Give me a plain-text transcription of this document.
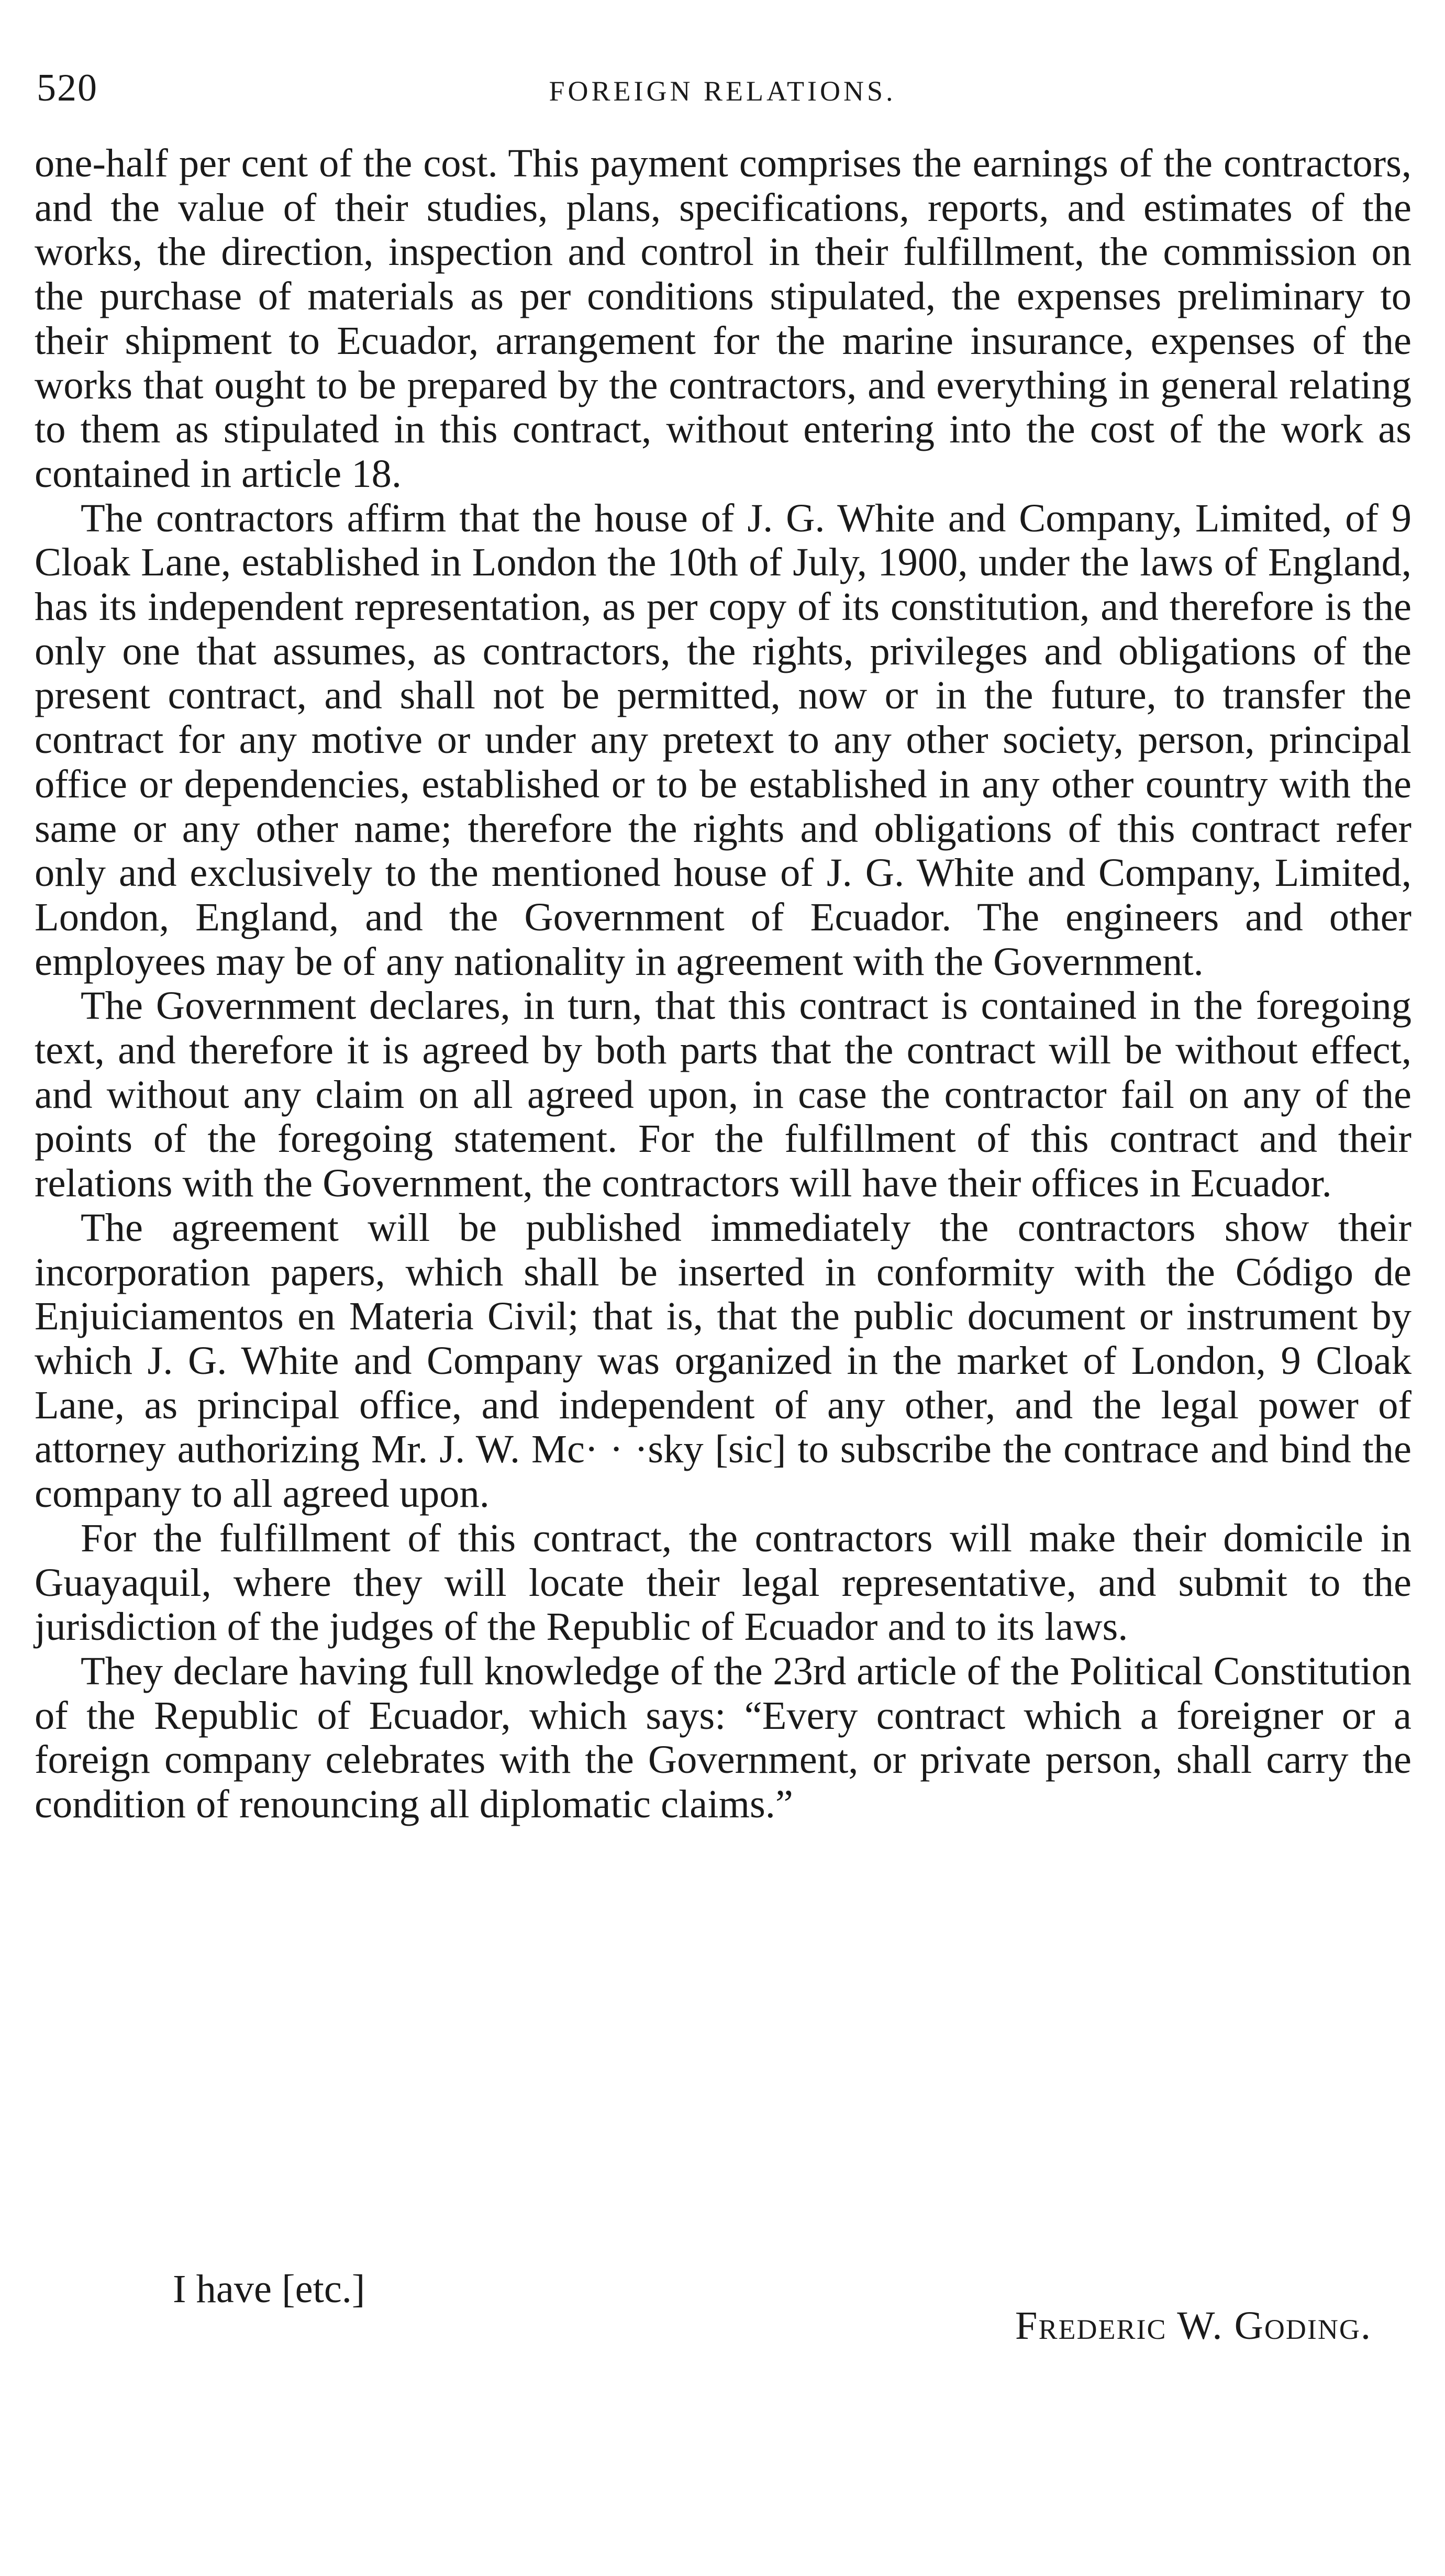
520	FOREIGN RELATIONS.

one-half per cent of the cost. This payment comprises the earnings of the contractors, and the value of their studies, plans, specifications, reports, and estimates of the works, the direction, inspection and control in their fulfillment, the commission on the purchase of materials as per conditions stipulated, the expenses preliminary to their shipment to Ecuador, arrangement for the marine insurance, expenses of the works that ought to be prepared by the contractors, and everything in general relating to them as stipulated in this contract, without entering into the cost of the work as contained in article 18.

The contractors affirm that the house of J. G. White and Company, Limited, of 9 Cloak Lane, established in London the 10th of July, 1900, under the laws of England, has its independent representation, as per copy of its constitution, and therefore is the only one that assumes, as contractors, the rights, privileges and obligations of the present contract, and shall not be permitted, now or in the future, to transfer the contract for any motive or under any pretext to any other society, person, principal office or dependencies, established or to be established in any other country with the same or any other name; therefore the rights and obligations of this contract refer only and exclusively to the mentioned house of J. G. White and Company, Limited, London, England, and the Government of Ecuador. The engineers and other employees may be of any nationality in agreement with the Government.

The Government declares, in turn, that this contract is contained in the foregoing text, and therefore it is agreed by both parts that the contract will be without effect, and without any claim on all agreed upon, in case the contractor fail on any of the points of the foregoing statement. For the fulfillment of this contract and their relations with the Government, the contractors will have their offices in Ecuador.

The agreement will be published immediately the contractors show their incorporation papers, which shall be inserted in conformity with the Código de Enjuiciamentos en Materia Civil; that is, that the public document or instrument by which J. G. White and Company was organized in the market of London, 9 Cloak Lane, as principal office, and independent of any other, and the legal power of attorney authorizing Mr. J. W. Mc· · ·sky [sic] to subscribe the contrace and bind the company to all agreed upon.

For the fulfillment of this contract, the contractors will make their domicile in Guayaquil, where they will locate their legal representative, and submit to the jurisdiction of the judges of the Republic of Ecuador and to its laws.

They declare having full knowledge of the 23rd article of the Political Constitution of the Republic of Ecuador, which says: “Every contract which a foreigner or a foreign company celebrates with the Government, or private person, shall carry the condition of renouncing all diplomatic claims.”

I have [etc.]
Frederic W. Goding.
